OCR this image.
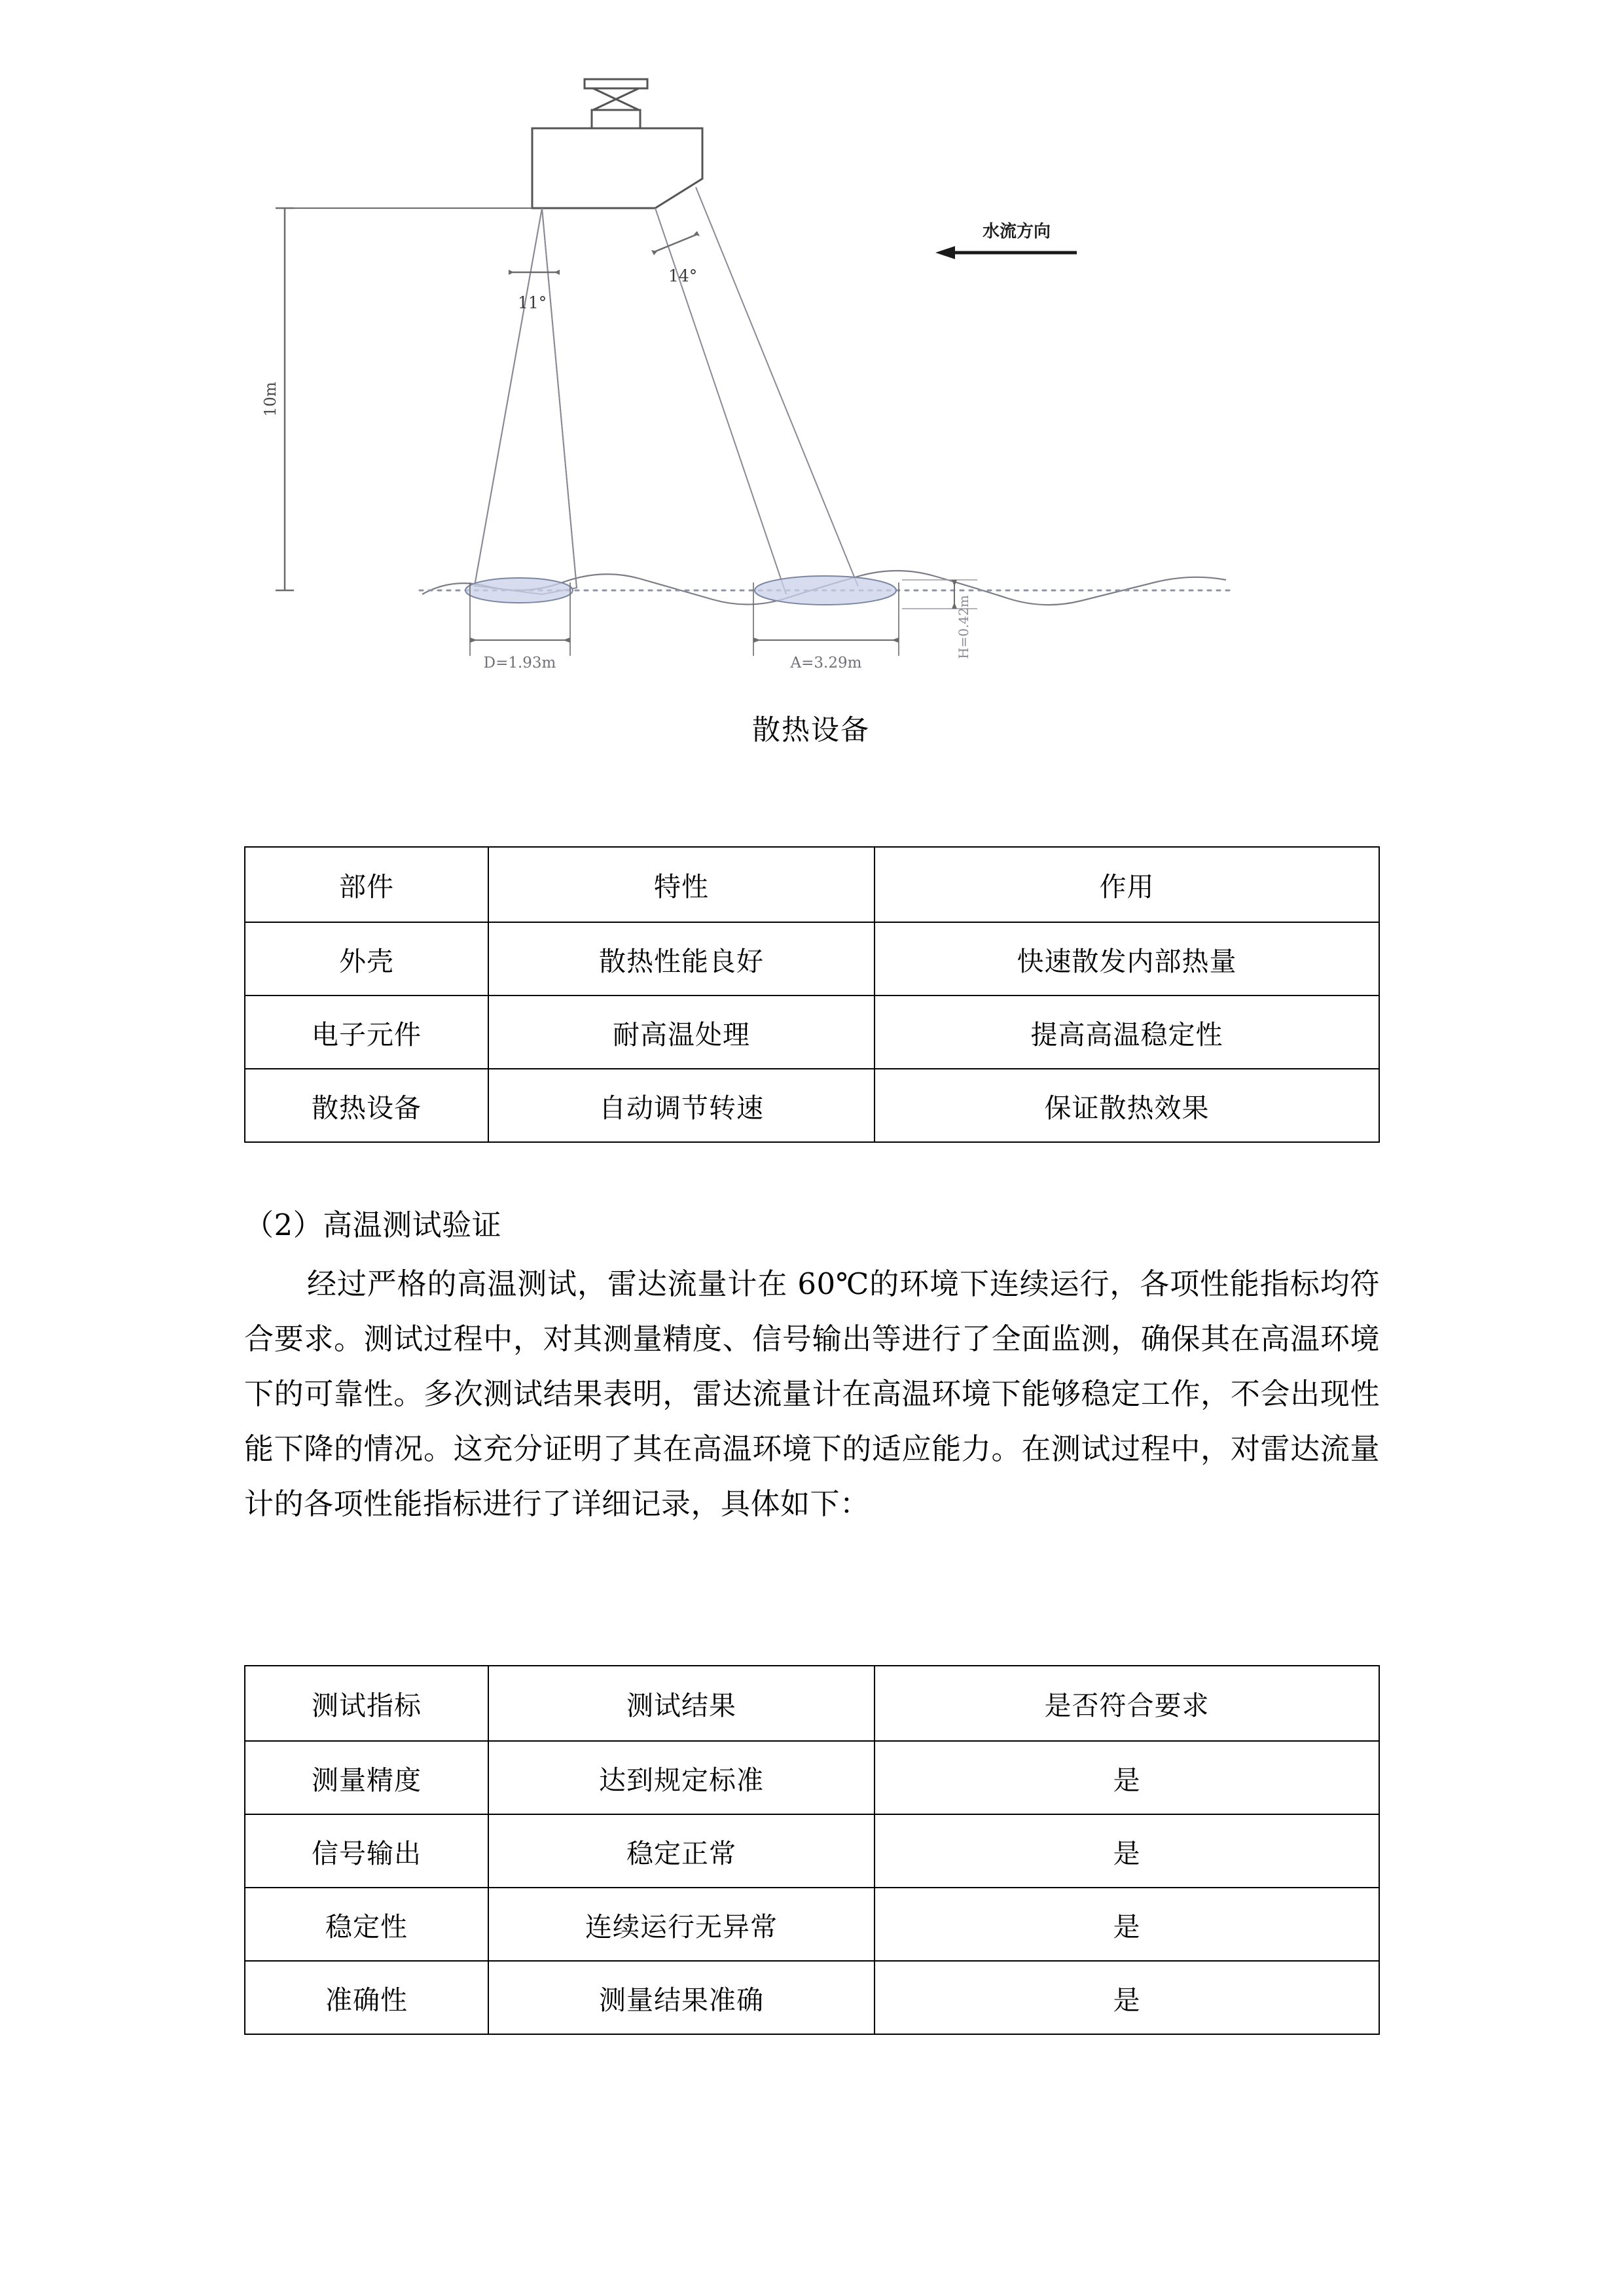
10m
11°
14°
D=1.93m	A=3.29m
H=0.42m
水流方向
散热设备
部件	特性	作用
外壳	散热性能良好	快速散发内部热量
电子元件	耐高温处理	提高高温稳定性
散热设备	自动调节转速	保证散热效果
（2）高温测试验证
经过严格的高温测试，雷达流量计在 60℃的环境下连续运行，各项性能指标均符合要求。测试过程中，对其测量精度、信号输出等进行了全面监测，确保其在高温环境下的可靠性。多次测试结果表明，雷达流量计在高温环境下能够稳定工作，不会出现性能下降的情况。这充分证明了其在高温环境下的适应能力。在测试过程中，对雷达流量计的各项性能指标进行了详细记录，具体如下：
测试指标	测试结果	是否符合要求
测量精度	达到规定标准	是
信号输出	稳定正常	是
稳定性	连续运行无异常	是
准确性	测量结果准确	是
